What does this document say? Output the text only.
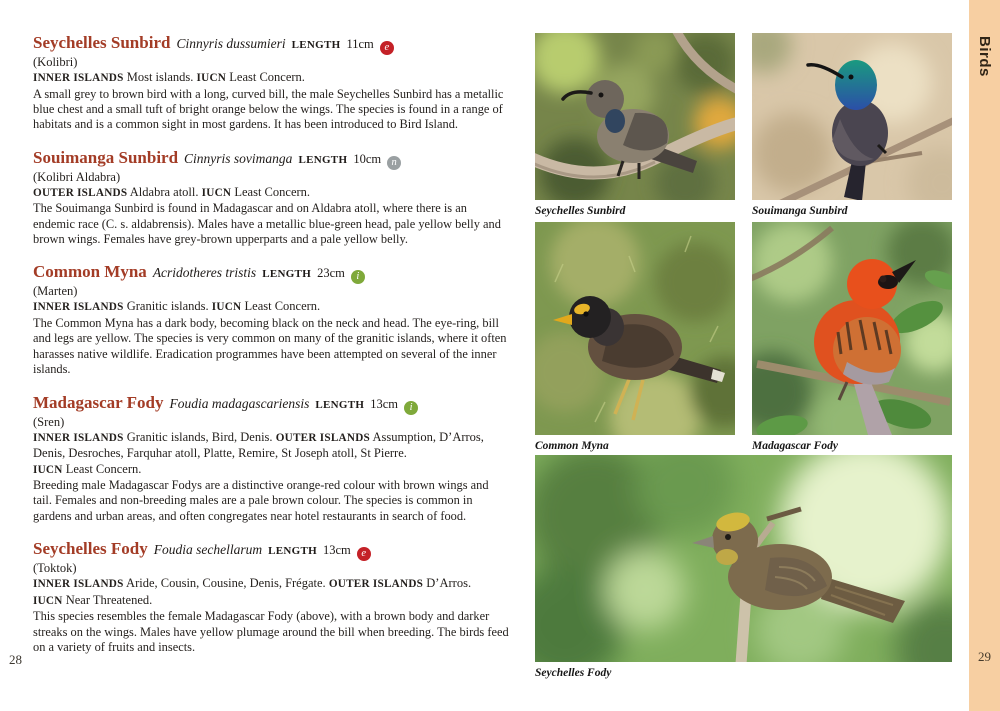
Seychelles Sunbird Cinnyris dussumieri LENGTH 11cm e

(Kolibri)

INNER ISLANDS Most islands. IUCN Least Concern.

A small grey to brown bird with a long, curved bill, the male Seychelles Sunbird has a metallic blue chest and a small tuft of bright orange below the wings. The species is found in a range of habitats and is a common sight in most gardens. It has been introduced to Bird Island.

Souimanga Sunbird Cinnyris sovimanga LENGTH 10cm n

(Kolibri Aldabra)

OUTER ISLANDS Aldabra atoll. IUCN Least Concern.

The Souimanga Sunbird is found in Madagascar and on Aldabra atoll, where there is an endemic race (C. s. aldabrensis). Males have a metallic blue-green head, pale yellow belly and brown wings. Females have grey-brown upperparts and a pale yellow belly.

Common Myna Acridotheres tristis LENGTH 23cm i

(Marten)

INNER ISLANDS Granitic islands. IUCN Least Concern.

The Common Myna has a dark body, becoming black on the neck and head. The eye-ring, bill and legs are yellow. The species is very common on many of the granitic islands, where it often harasses native wildlife. Eradication programmes have been attempted on several of the inner islands.

Madagascar Fody Foudia madagascariensis LENGTH 13cm i

(Sren)

INNER ISLANDS Granitic islands, Bird, Denis. OUTER ISLANDS Assumption, D’Arros, Denis, Desroches, Farquhar atoll, Platte, Remire, St Joseph atoll, St Pierre.

IUCN Least Concern.

Breeding male Madagascar Fodys are a distinctive orange-red colour with brown wings and tail. Females and non-breeding males are a pale brown colour. The species is common in gardens and urban areas, and often congregates near hotel restaurants in search of food.

Seychelles Fody Foudia sechellarum LENGTH 13cm e

(Toktok)

INNER ISLANDS Aride, Cousin, Cousine, Denis, Frégate. OUTER ISLANDS D’Arros.

IUCN Near Threatened.

This species resembles the female Madagascar Fody (above), with a brown body and darker streaks on the wings. Males have yellow plumage around the bill when breeding. The birds feed on a variety of fruits and insects.

28
Seychelles Sunbird	Souimanga Sunbird
Common Myna	Madagascar Fody
Seychelles Fody
Birds
29
